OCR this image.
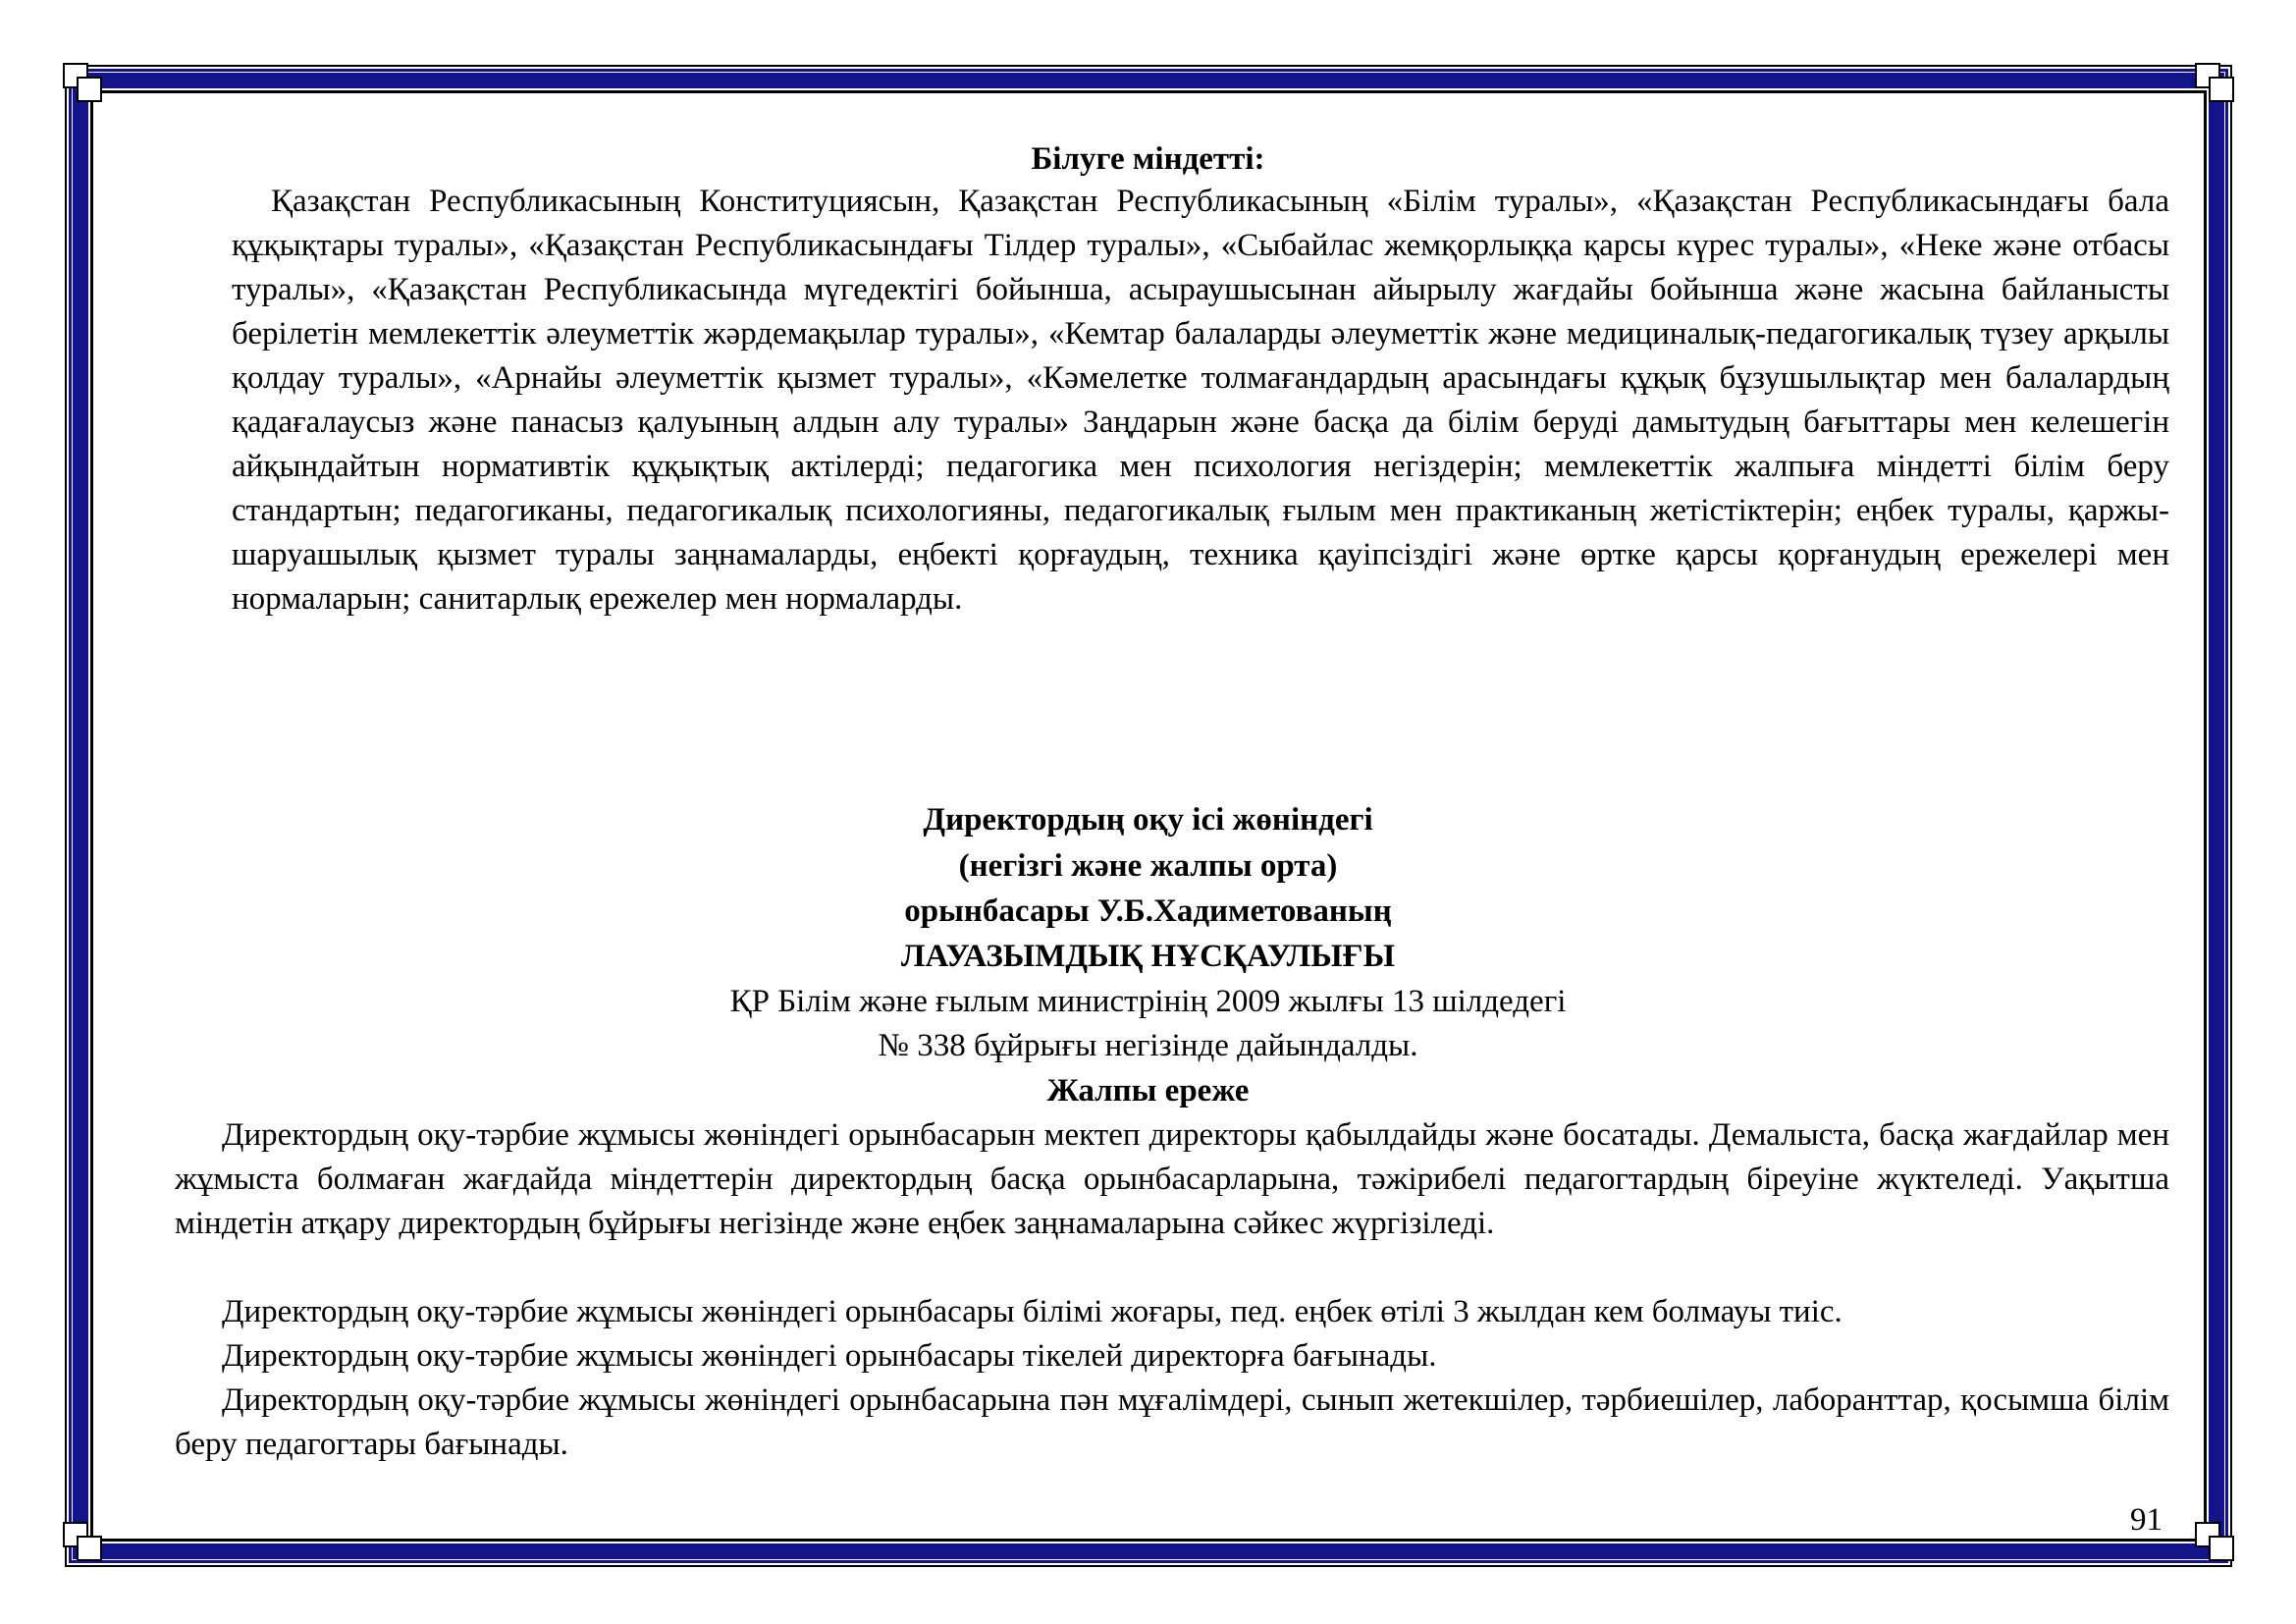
Білуге міндетті:
Қазақстан Республикасының Конституциясын, Қазақстан Республикасының «Білім туралы», «Қазақстан Республикасындағы бала құқықтары туралы», «Қазақстан Республикасындағы Тілдер туралы», «Сыбайлас жемқорлыққа қарсы күрес туралы», «Неке және отбасы туралы», «Қазақстан Республикасында мүгедектігі бойынша, асыраушысынан айырылу жағдайы бойынша және жасына байланысты берілетін мемлекеттік әлеуметтік жәрдемақылар туралы», «Кемтар балаларды әлеуметтік және медициналық-педагогикалық түзеу арқылы қолдау туралы», «Арнайы әлеуметтік қызмет туралы», «Кәмелетке толмағандардың арасындағы құқық бұзушылықтар мен балалардың қадағалаусыз және панасыз қалуының алдын алу туралы» Заңдарын және басқа да білім беруді дамытудың бағыттары мен келешегін айқындайтын нормативтік құқықтық актілерді; педагогика мен психология негіздерін; мемлекеттік жалпыға міндетті білім беру стандартын; педагогиканы, педагогикалық психологияны, педагогикалық ғылым мен практиканың жетістіктерін; еңбек туралы, қаржы-шаруашылық қызмет туралы заңнамаларды, еңбекті қорғаудың, техника қауіпсіздігі және өртке қарсы қорғанудың ережелері мен нормаларын; санитарлық ережелер мен нормаларды.
Директордың оқу ісі жөніндегі
(негізгі және жалпы орта)
орынбасары У.Б.Хадиметованың
ЛАУАЗЫМДЫҚ НҰСҚАУЛЫҒЫ
ҚР Білім және ғылым министрінің 2009 жылғы 13 шілдедегі
№ 338 бұйрығы негізінде дайындалды.
Жалпы ереже
Директордың оқу-тәрбие жұмысы жөніндегі орынбасарын мектеп директоры қабылдайды және босатады. Демалыста, басқа жағдайлар мен жұмыста болмаған жағдайда міндеттерін директордың басқа орынбасарларына, тәжірибелі педагогтардың біреуіне жүктеледі. Уақытша міндетін атқару директордың бұйрығы негізінде және еңбек заңнамаларына сәйкес жүргізіледі.
Директордың оқу-тәрбие жұмысы жөніндегі орынбасары білімі жоғары, пед. еңбек өтілі 3 жылдан кем болмауы тиіс.
Директордың оқу-тәрбие жұмысы жөніндегі орынбасары тікелей директорға бағынады.
Директордың оқу-тәрбие жұмысы жөніндегі орынбасарына пән мұғалімдері, сынып жетекшілер, тәрбиешілер, лаборанттар, қосымша білім беру педагогтары бағынады.
91
